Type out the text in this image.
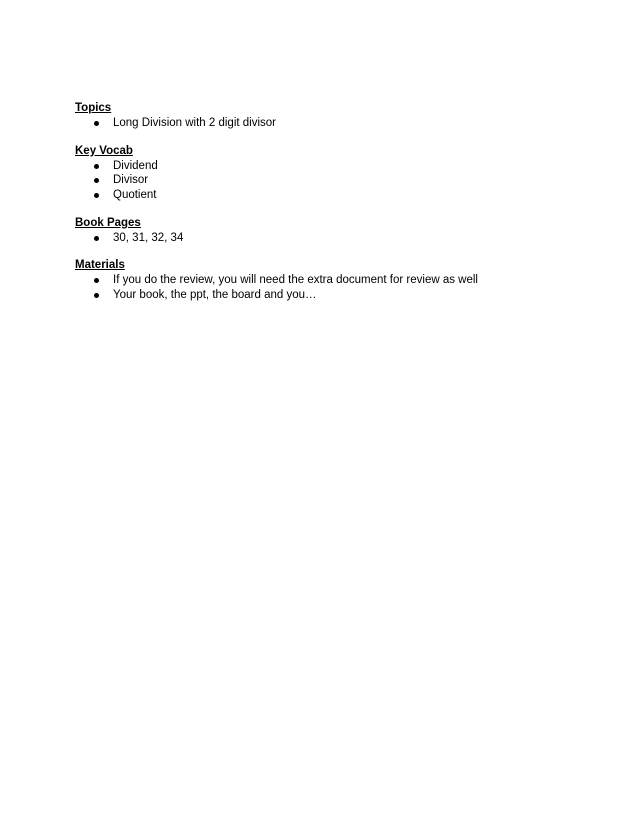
Topics
Long Division with 2 digit divisor
Key Vocab
Dividend
Divisor
Quotient
Book Pages
30, 31, 32, 34
Materials
If you do the review, you will need the extra document for review as well
Your book, the ppt, the board and you…
